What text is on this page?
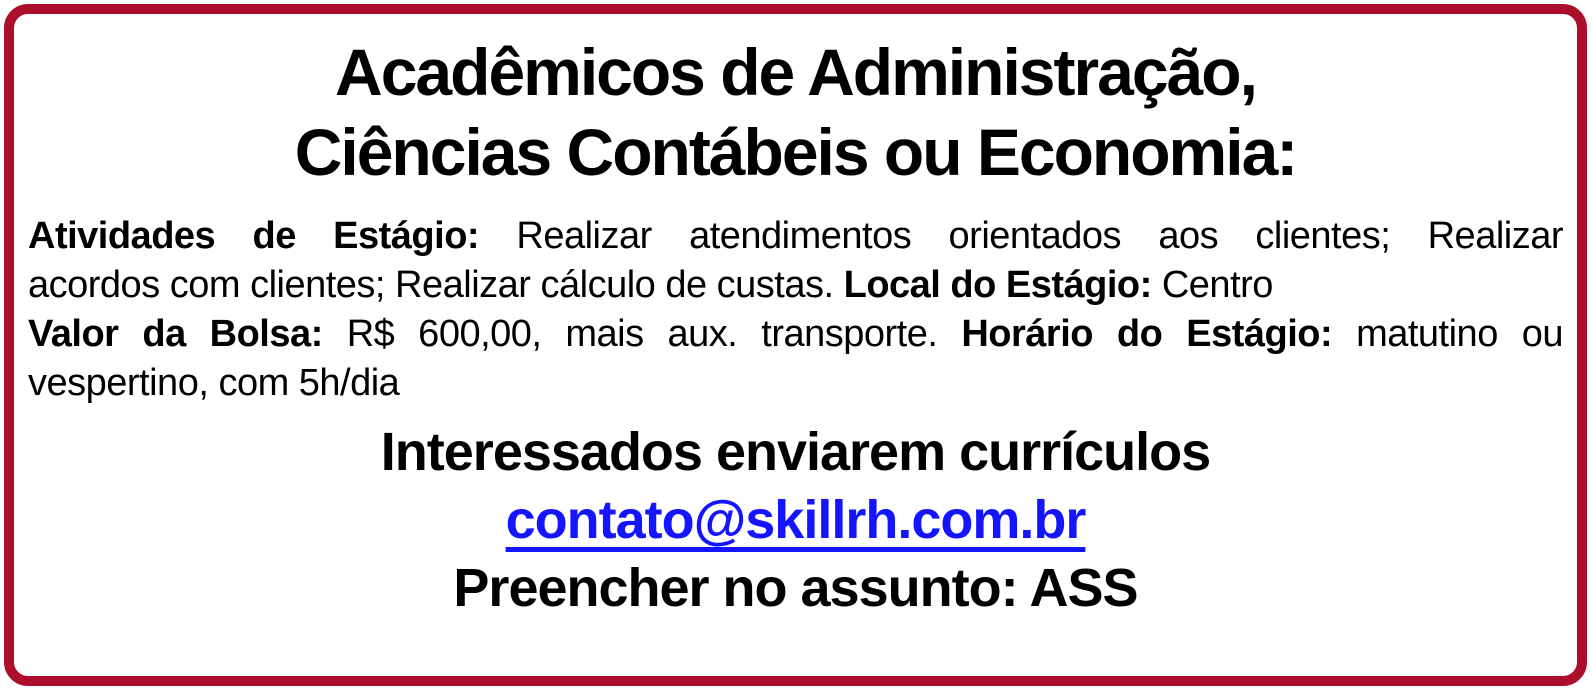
Acadêmicos de Administração,
Ciências Contábeis ou Economia:
Atividades de Estágio: Realizar atendimentos orientados aos clientes; Realizar
acordos com clientes; Realizar cálculo de custas. Local do Estágio: Centro
Valor da Bolsa: R$ 600,00, mais aux. transporte. Horário do Estágio: matutino ou
vespertino, com 5h/dia
Interessados enviarem currículos
contato@skillrh.com.br
Preencher no assunto: ASS
